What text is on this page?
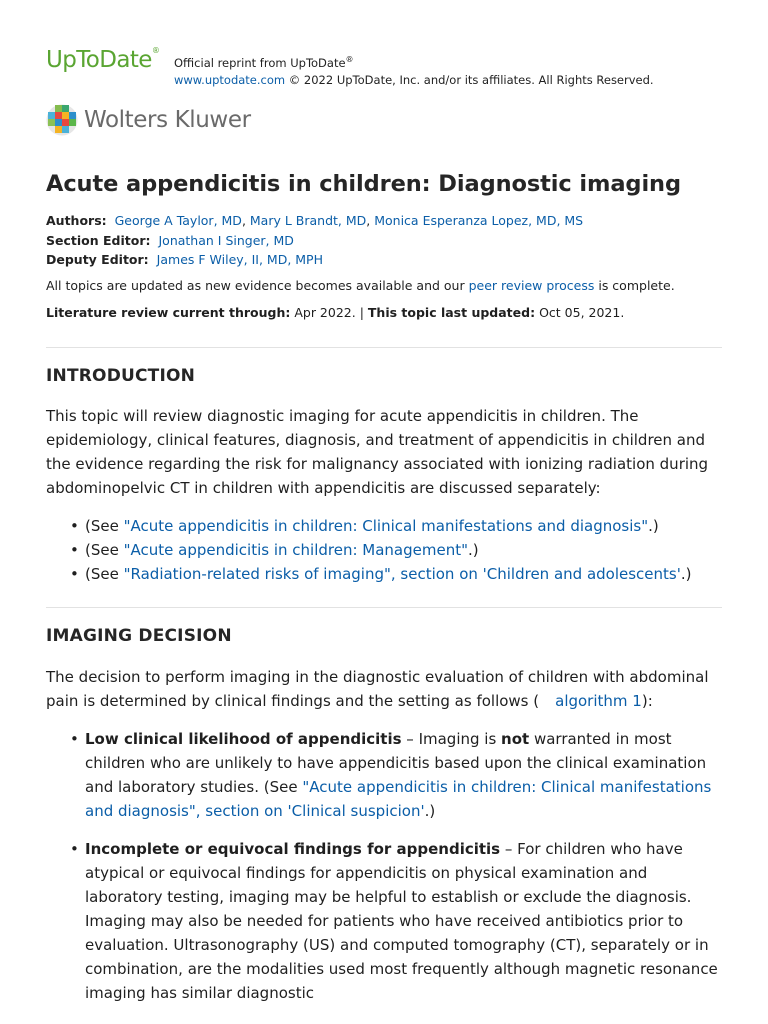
UpToDate®
Official reprint from UpToDate®
www.uptodate.com © 2022 UpToDate, Inc. and/or its affiliates. All Rights Reserved.
Wolters Kluwer
Acute appendicitis in children: Diagnostic imaging
Authors: George A Taylor, MD, Mary L Brandt, MD, Monica Esperanza Lopez, MD, MS
Section Editor: Jonathan I Singer, MD
Deputy Editor: James F Wiley, II, MD, MPH
All topics are updated as new evidence becomes available and our peer review process is complete.
Literature review current through: Apr 2022. | This topic last updated: Oct 05, 2021.
INTRODUCTION

This topic will review diagnostic imaging for acute appendicitis in children. The epidemiology, clinical features, diagnosis, and treatment of appendicitis in children and the evidence regarding the risk for malignancy associated with ionizing radiation during abdominopelvic CT in children with appendicitis are discussed separately:

• (See "Acute appendicitis in children: Clinical manifestations and diagnosis".)
• (See "Acute appendicitis in children: Management".)
• (See "Radiation-related risks of imaging", section on 'Children and adolescents'.)
IMAGING DECISION

The decision to perform imaging in the diagnostic evaluation of children with abdominal pain is determined by clinical findings and the setting as follows ( algorithm 1):

• Low clinical likelihood of appendicitis – Imaging is not warranted in most children who are unlikely to have appendicitis based upon the clinical examination and laboratory studies. (See "Acute appendicitis in children: Clinical manifestations and diagnosis", section on 'Clinical suspicion'.)
• Incomplete or equivocal findings for appendicitis – For children who have atypical or equivocal findings for appendicitis on physical examination and laboratory testing, imaging may be helpful to establish or exclude the diagnosis. Imaging may also be needed for patients who have received antibiotics prior to evaluation. Ultrasonography (US) and computed tomography (CT), separately or in combination, are the modalities used most frequently although magnetic resonance imaging has similar diagnostic
